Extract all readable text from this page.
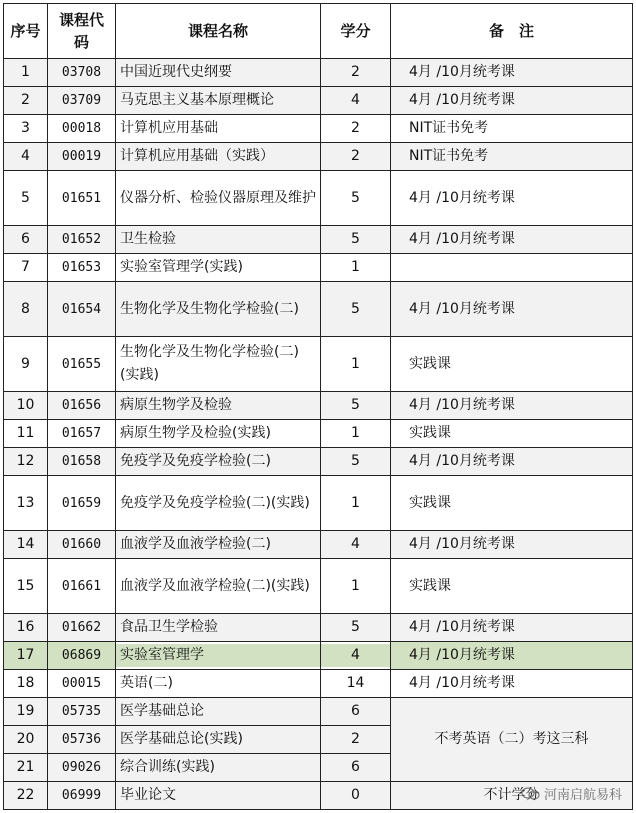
序号	课程代码	课程名称	学分	备　注
1	03708	中国近现代史纲要	2	4月 /10月统考课
2	03709	马克思主义基本原理概论	4	4月 /10月统考课
3	00018	计算机应用基础	2	NIT证书免考
4	00019	计算机应用基础（实践）	2	NIT证书免考
5	01651	仪器分析、检验仪器原理及维护	5	4月 /10月统考课
6	01652	卫生检验	5	4月 /10月统考课
7	01653	实验室管理学(实践)	1	
8	01654	生物化学及生物化学检验(二)	5	4月 /10月统考课
9	01655	生物化学及生物化学检验(二)(实践)	1	实践课
10	01656	病原生物学及检验	5	4月 /10月统考课
11	01657	病原生物学及检验(实践)	1	实践课
12	01658	免疫学及免疫学检验(二)	5	4月 /10月统考课
13	01659	免疫学及免疫学检验(二)(实践)	1	实践课
14	01660	血液学及血液学检验(二)	4	4月 /10月统考课
15	01661	血液学及血液学检验(二)(实践)	1	实践课
16	01662	食品卫生学检验	5	4月 /10月统考课
17	06869	实验室管理学	4	4月 /10月统考课
18	00015	英语(二)	14	4月 /10月统考课
19	05735	医学基础总论	6	不考英语（二）考这三科
20	05736	医学基础总论(实践)	2	
21	09026	综合训练(实践)	6	
22	06999	毕业论文	0	不计学分 河南启航易科
